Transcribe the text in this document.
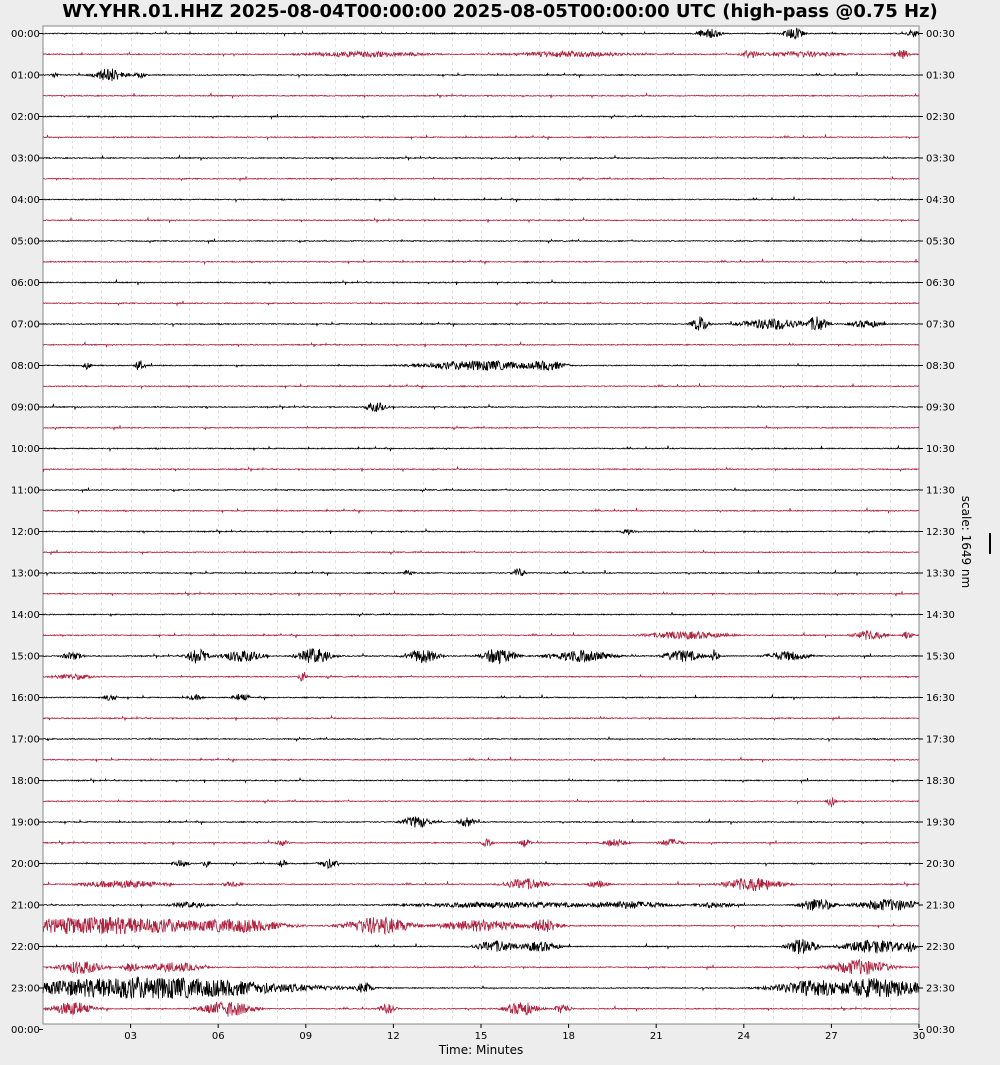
WY.YHR.01.HHZ 2025-08-04T00:00:00 2025-08-05T00:00:00 UTC (high-pass @0.75 Hz)
03	06	09	12	15	18	21	24	27	30
00:00
01:00
02:00
03:00
04:00
05:00
06:00
07:00
08:00
09:00
10:00
11:00
12:00
13:00
14:00
15:00
16:00
17:00
18:00
19:00
20:00
21:00
22:00
23:00
00:00
00:30
01:30
02:30
03:30
04:30
05:30
06:30
07:30
08:30
09:30
10:30
11:30
12:30
13:30
14:30
15:30
16:30
17:30
18:30
19:30
20:30
21:30
22:30
23:30
00:30
Time: Minutes
scale: 1649 nm
